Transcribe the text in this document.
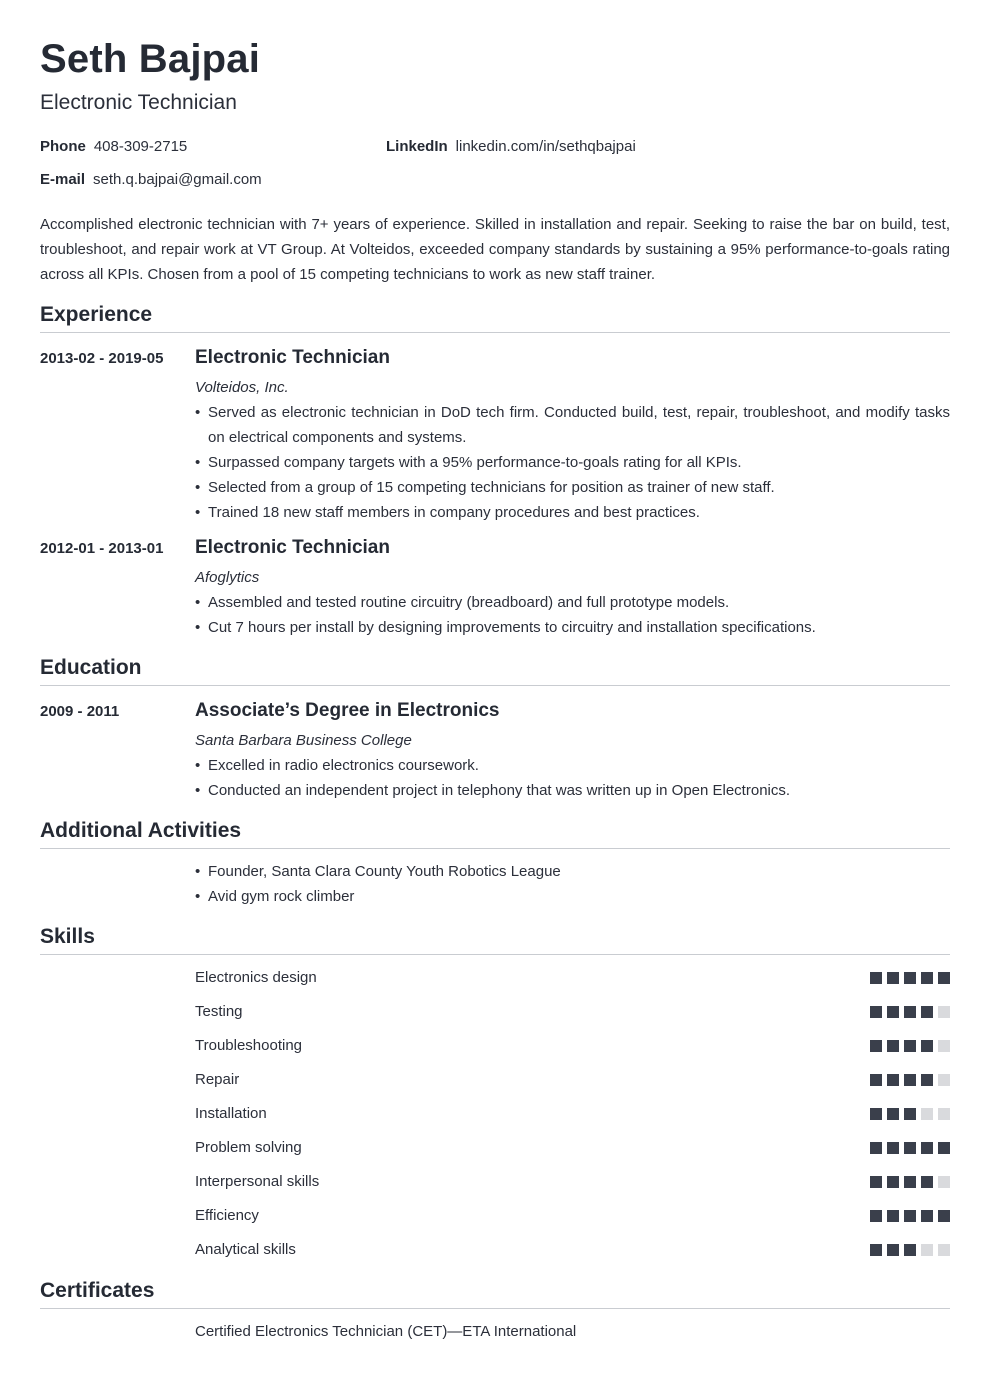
Seth Bajpai
Electronic Technician
Phone 408-309-2715	LinkedIn linkedin.com/in/sethqbajpai
E-mail seth.q.bajpai@gmail.com
Accomplished electronic technician with 7+ years of experience. Skilled in installation and repair. Seeking to raise the bar on build, test, troubleshoot, and repair work at VT Group. At Volteidos, exceeded company standards by sustaining a 95% performance-to-goals rating across all KPIs. Chosen from a pool of 15 competing technicians to work as new staff trainer.
Experience
2013-02 - 2019-05 Electronic Technician
Volteidos, Inc.
• Served as electronic technician in DoD tech firm. Conducted build, test, repair, troubleshoot, and modify tasks on electrical components and systems.
• Surpassed company targets with a 95% performance-to-goals rating for all KPIs.
• Selected from a group of 15 competing technicians for position as trainer of new staff.
• Trained 18 new staff members in company procedures and best practices.
2012-01 - 2013-01 Electronic Technician
Afoglytics
• Assembled and tested routine circuitry (breadboard) and full prototype models.
• Cut 7 hours per install by designing improvements to circuitry and installation specifications.
Education
2009 - 2011	Associate’s Degree in Electronics
Santa Barbara Business College
• Excelled in radio electronics coursework.
• Conducted an independent project in telephony that was written up in Open Electronics.
Additional Activities
• Founder, Santa Clara County Youth Robotics League
• Avid gym rock climber
Skills
Electronics design
Testing
Troubleshooting
Repair
Installation
Problem solving
Interpersonal skills
Efficiency
Analytical skills
Certificates
Certified Electronics Technician (CET)—ETA International
